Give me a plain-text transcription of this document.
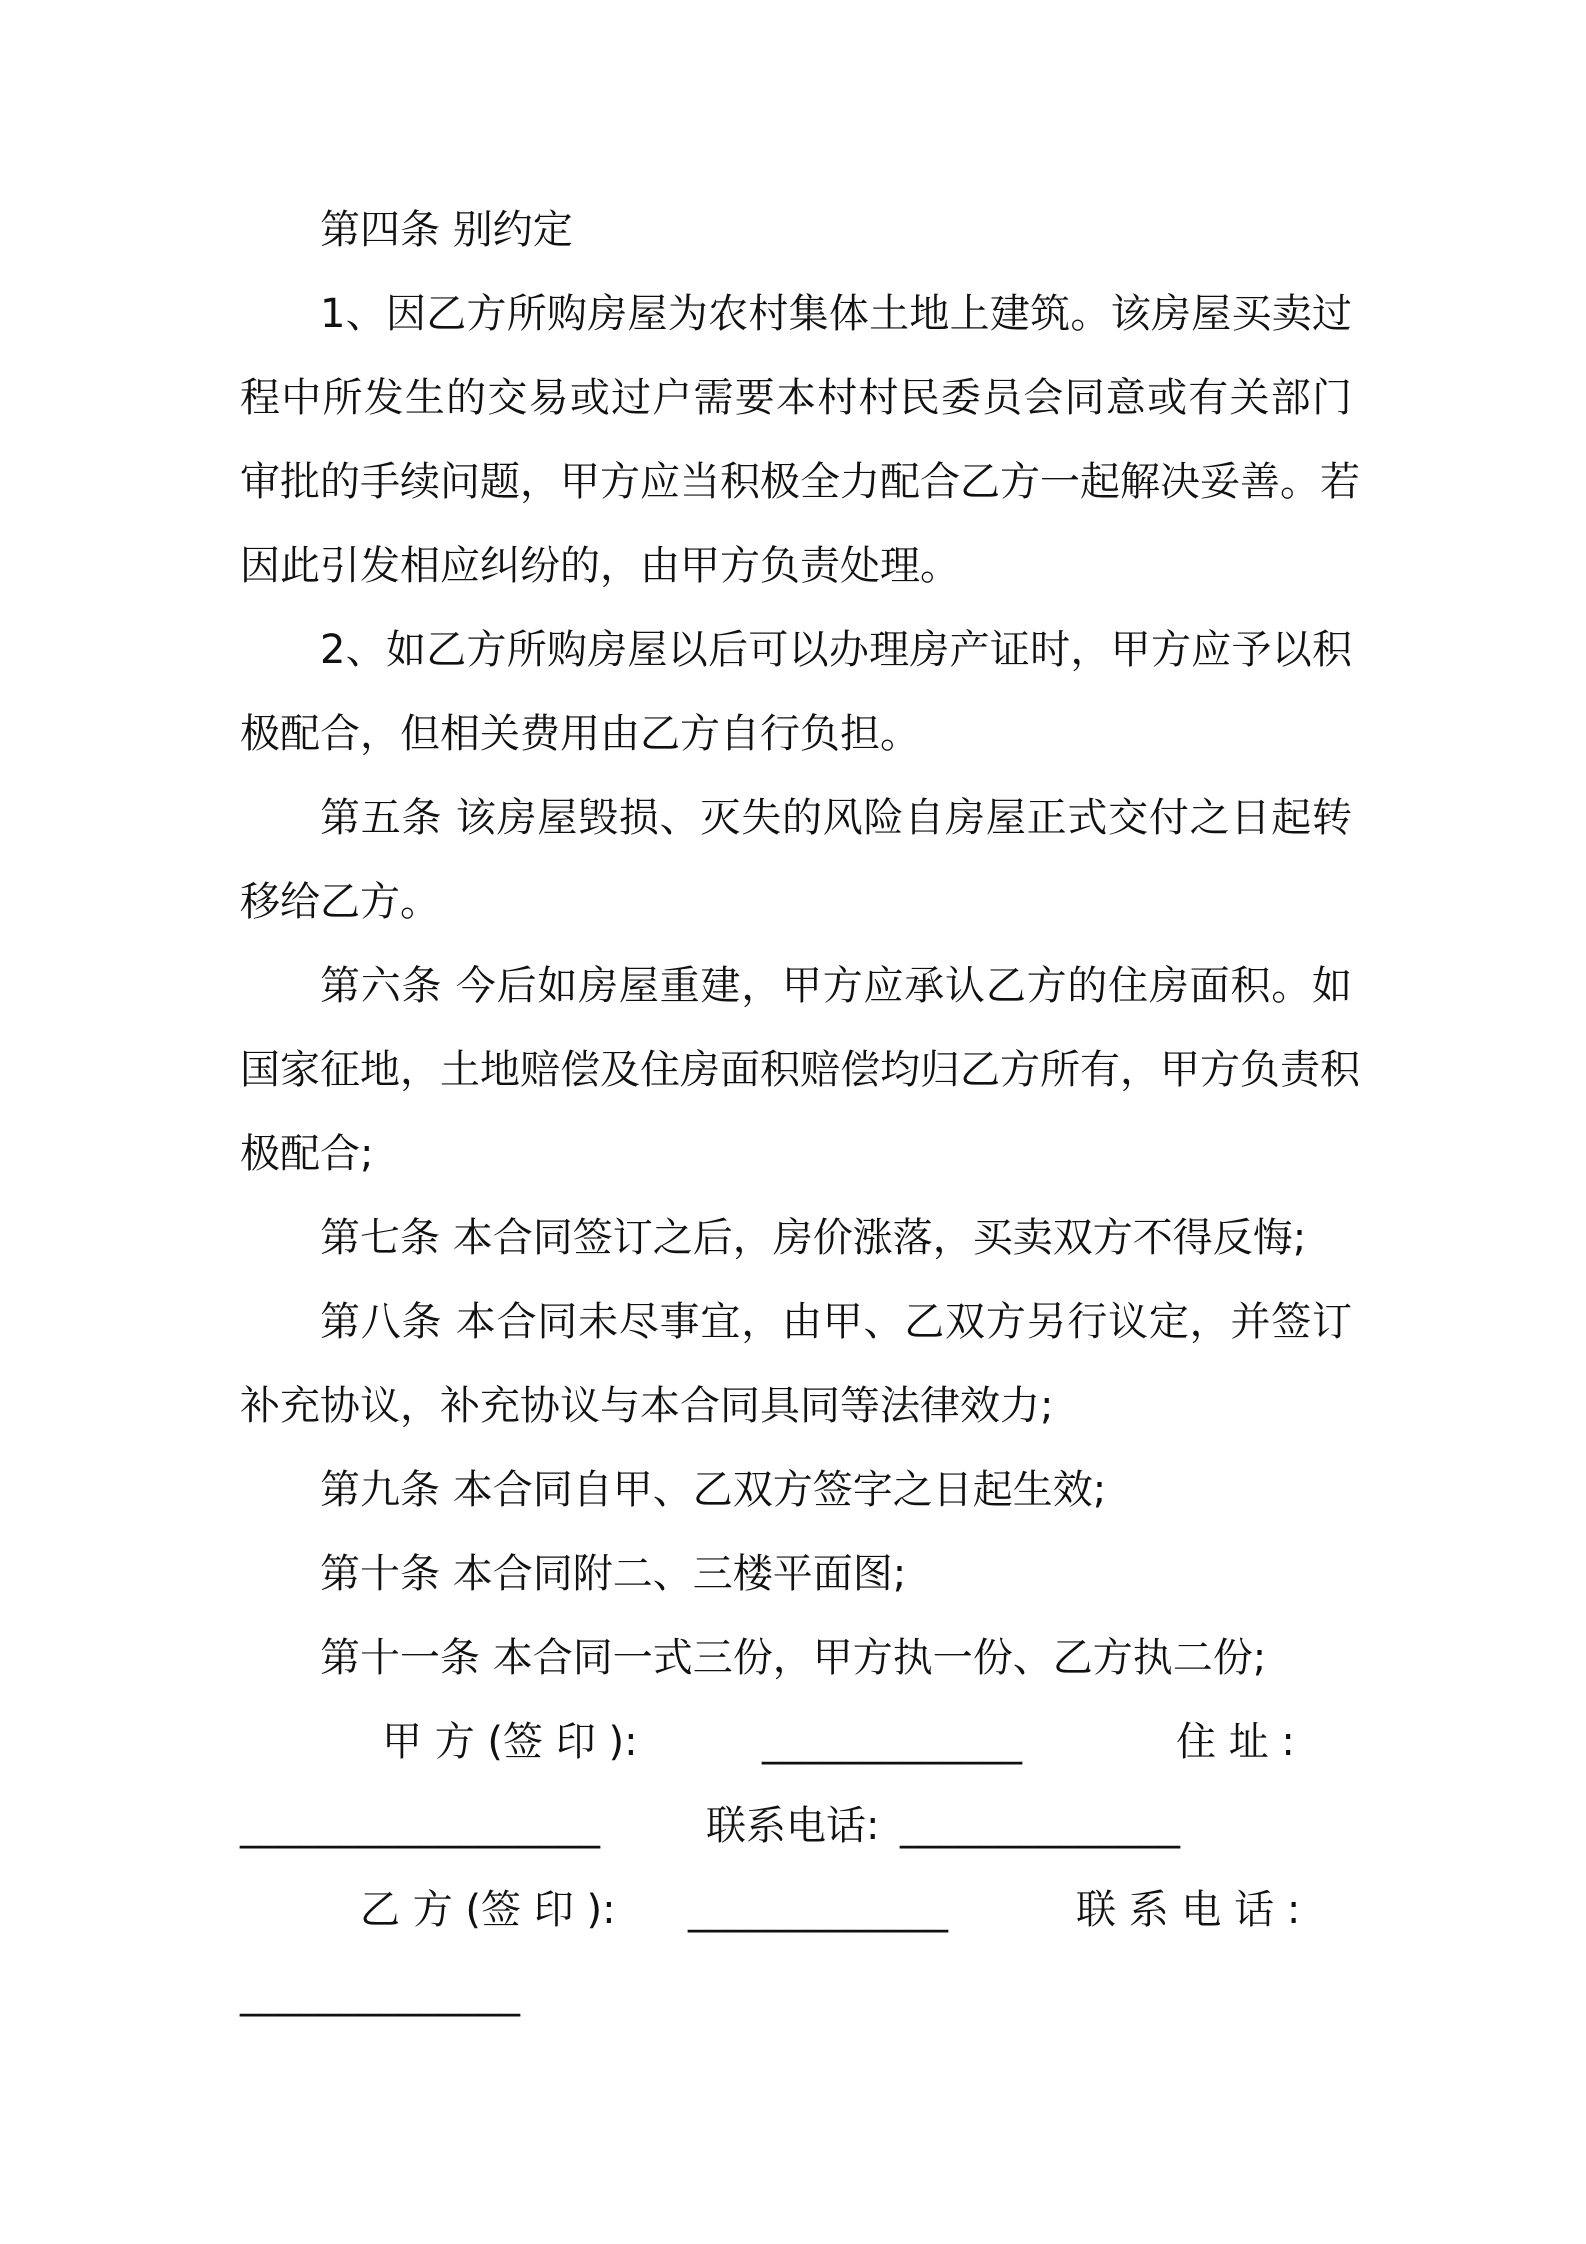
第四条 别约定
1、因乙方所购房屋为农村集体土地上建筑。该房屋买卖过
程中所发生的交易或过户需要本村村民委员会同意或有关部门
审批的手续问题，甲方应当积极全力配合乙方一起解决妥善。若
因此引发相应纠纷的，由甲方负责处理。
2、如乙方所购房屋以后可以办理房产证时，甲方应予以积
极配合，但相关费用由乙方自行负担。
第五条 该房屋毁损、灭失的风险自房屋正式交付之日起转
移给乙方。
第六条 今后如房屋重建，甲方应承认乙方的住房面积。如
国家征地，土地赔偿及住房面积赔偿均归乙方所有，甲方负责积
极配合;
第七条 本合同签订之后，房价涨落，买卖双方不得反悔;
第八条 本合同未尽事宜，由甲、乙双方另行议定，并签订
补充协议，补充协议与本合同具同等法律效力;
第九条 本合同自甲、乙双方签字之日起生效;
第十条 本合同附二、三楼平面图;
第十一条 本合同一式三份，甲方执一份、乙方执二份;
甲 方 (签 印 ):	_____________	住 址 :
__________________	联系电话: ______________
乙 方 (签 印 ): _____________	联 系 电 话 :
______________
